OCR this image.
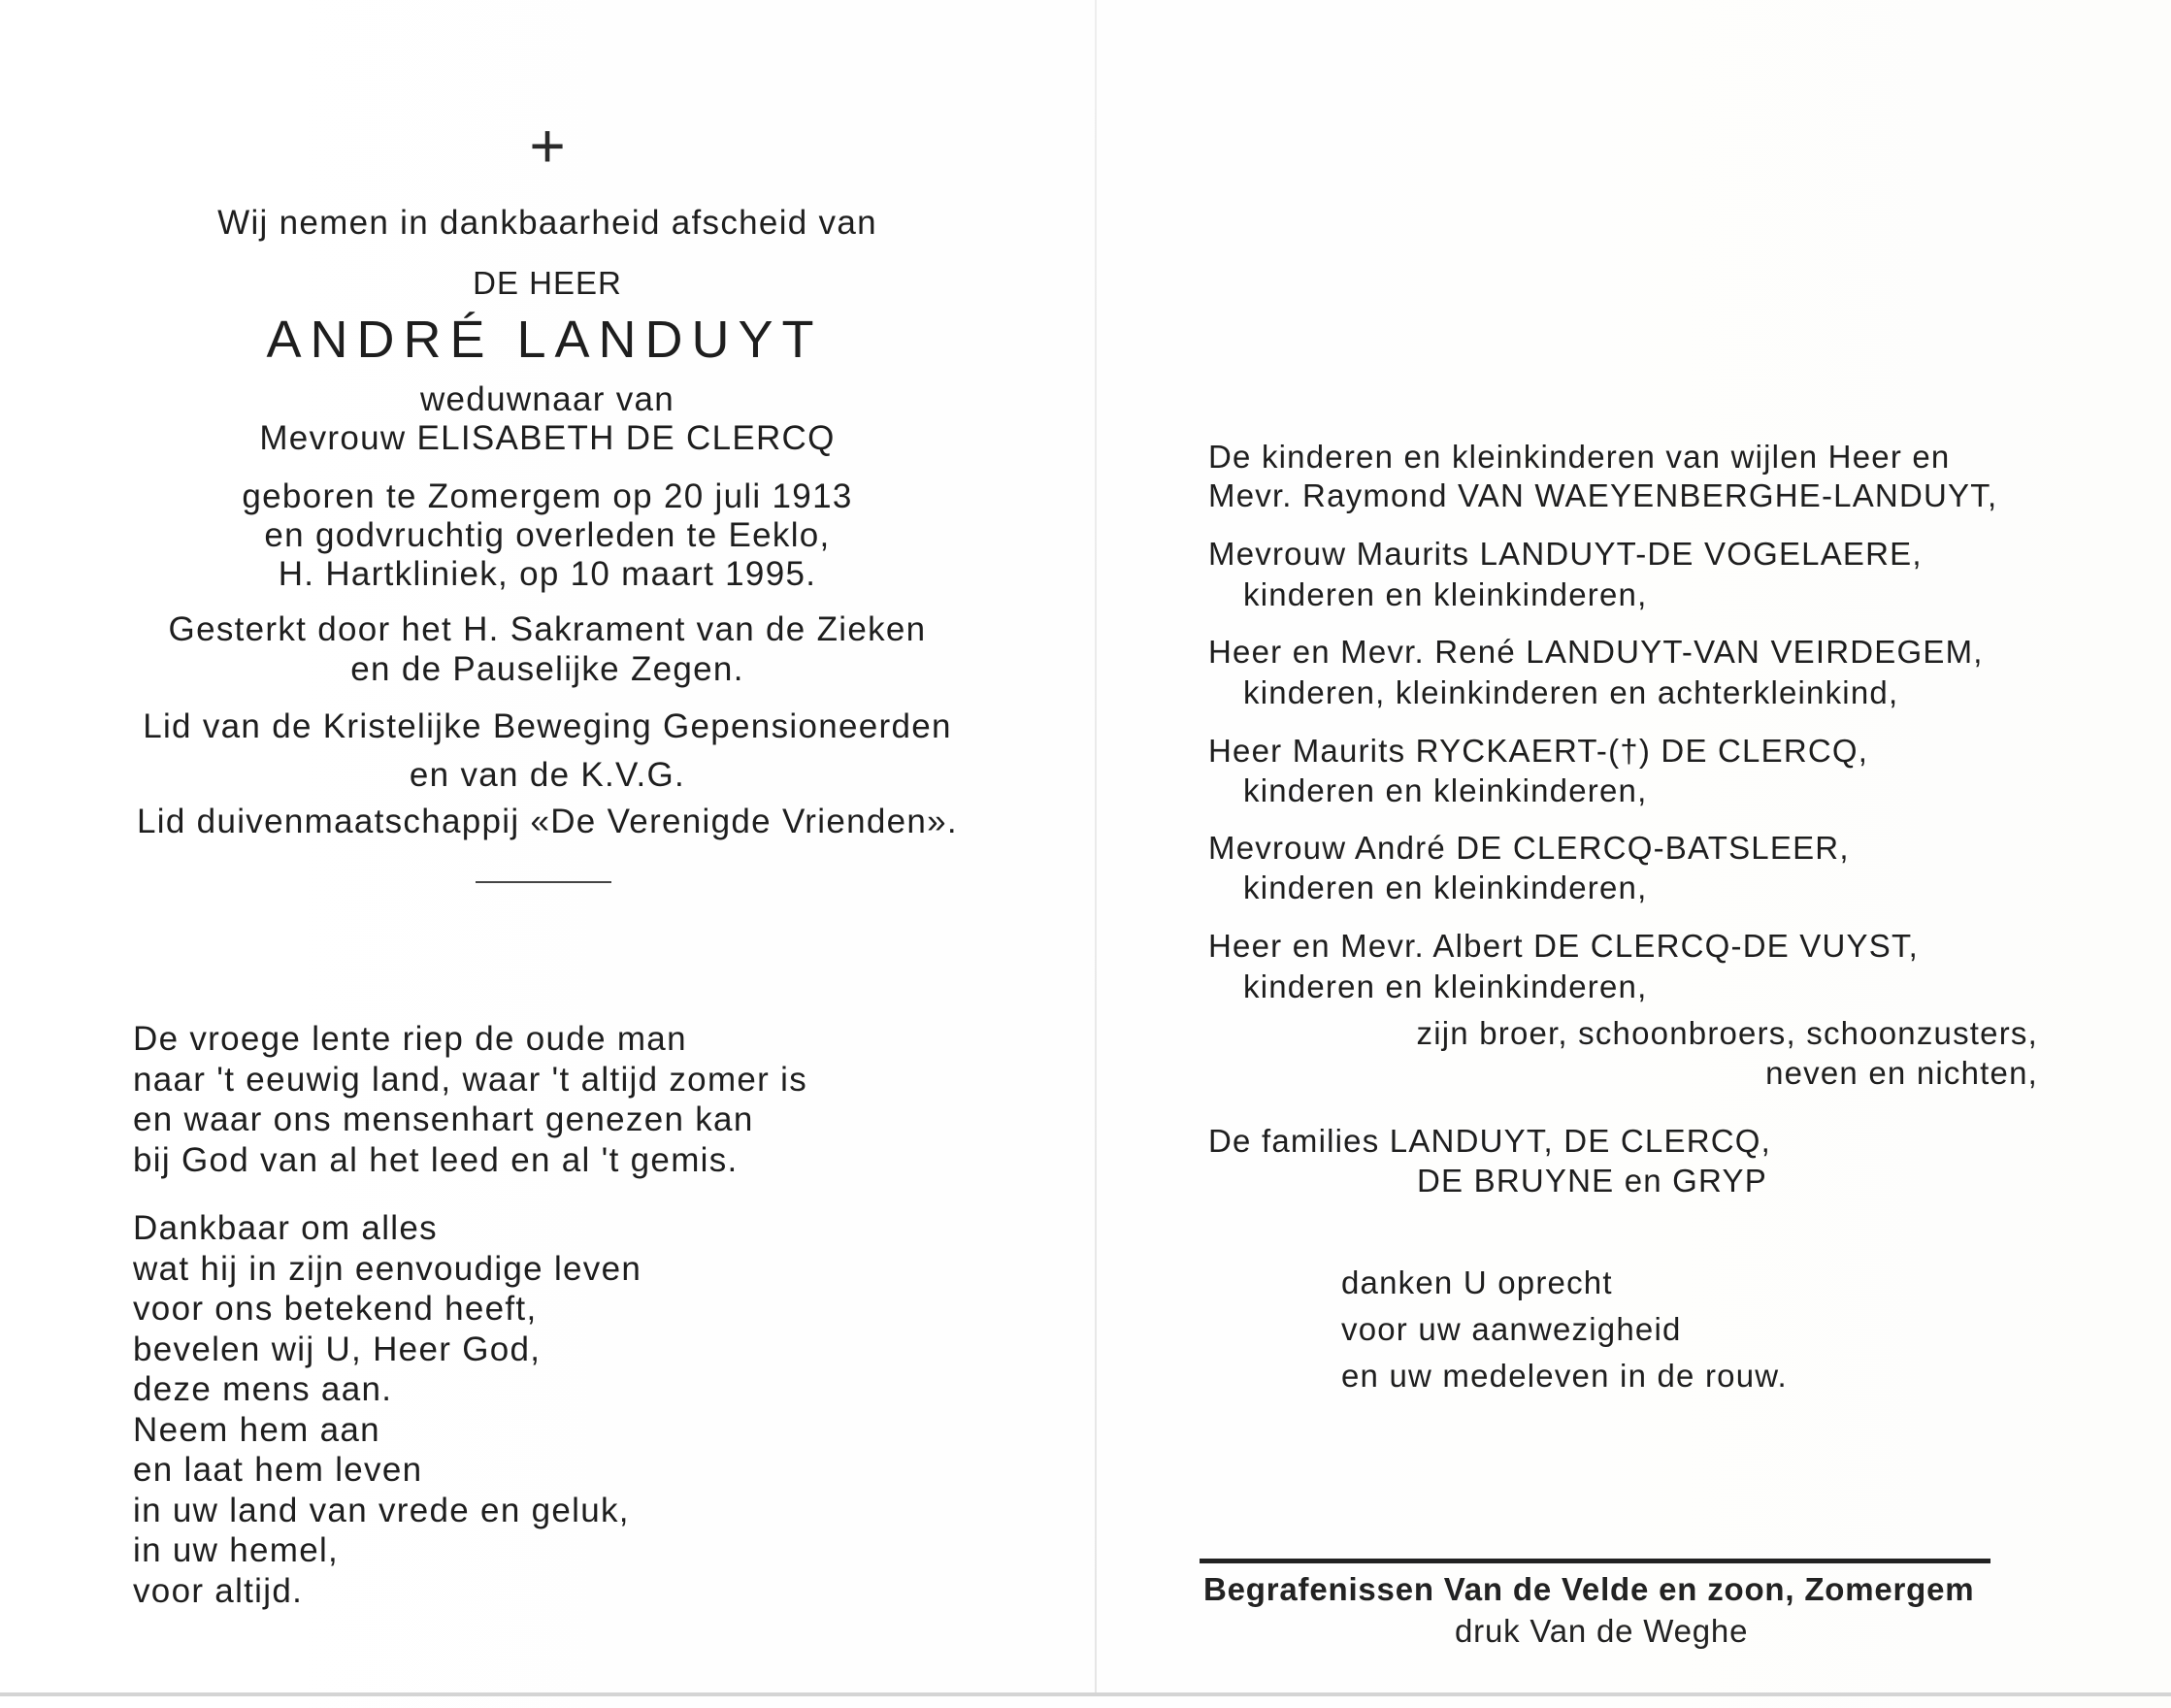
+
Wij nemen in dankbaarheid afscheid van
DE HEER
ANDRÉ LANDUYT
weduwnaar van
Mevrouw ELISABETH DE CLERCQ
geboren te Zomergem op 20 juli 1913
en godvruchtig overleden te Eeklo,
H. Hartkliniek, op 10 maart 1995.
Gesterkt door het H. Sakrament van de Zieken
en de Pauselijke Zegen.
Lid van de Kristelijke Beweging Gepensioneerden
en van de K.V.G.
Lid duivenmaatschappij «De Verenigde Vrienden».
De vroege lente riep de oude man
naar 't eeuwig land, waar 't altijd zomer is
en waar ons mensenhart genezen kan
bij God van al het leed en al 't gemis.
Dankbaar om alles
wat hij in zijn eenvoudige leven
voor ons betekend heeft,
bevelen wij U, Heer God,
deze mens aan.
Neem hem aan
en laat hem leven
in uw land van vrede en geluk,
in uw hemel,
voor altijd.
De kinderen en kleinkinderen van wijlen Heer en
Mevr. Raymond VAN WAEYENBERGHE-LANDUYT,
Mevrouw Maurits LANDUYT-DE VOGELAERE,
kinderen en kleinkinderen,
Heer en Mevr. René LANDUYT-VAN VEIRDEGEM,
kinderen, kleinkinderen en achterkleinkind,
Heer Maurits RYCKAERT-(†) DE CLERCQ,
kinderen en kleinkinderen,
Mevrouw André DE CLERCQ-BATSLEER,
kinderen en kleinkinderen,
Heer en Mevr. Albert DE CLERCQ-DE VUYST,
kinderen en kleinkinderen,
zijn broer, schoonbroers, schoonzusters,
neven en nichten,
De families LANDUYT, DE CLERCQ,
DE BRUYNE en GRYP
danken U oprecht
voor uw aanwezigheid
en uw medeleven in de rouw.
Begrafenissen Van de Velde en zoon, Zomergem
druk Van de Weghe
